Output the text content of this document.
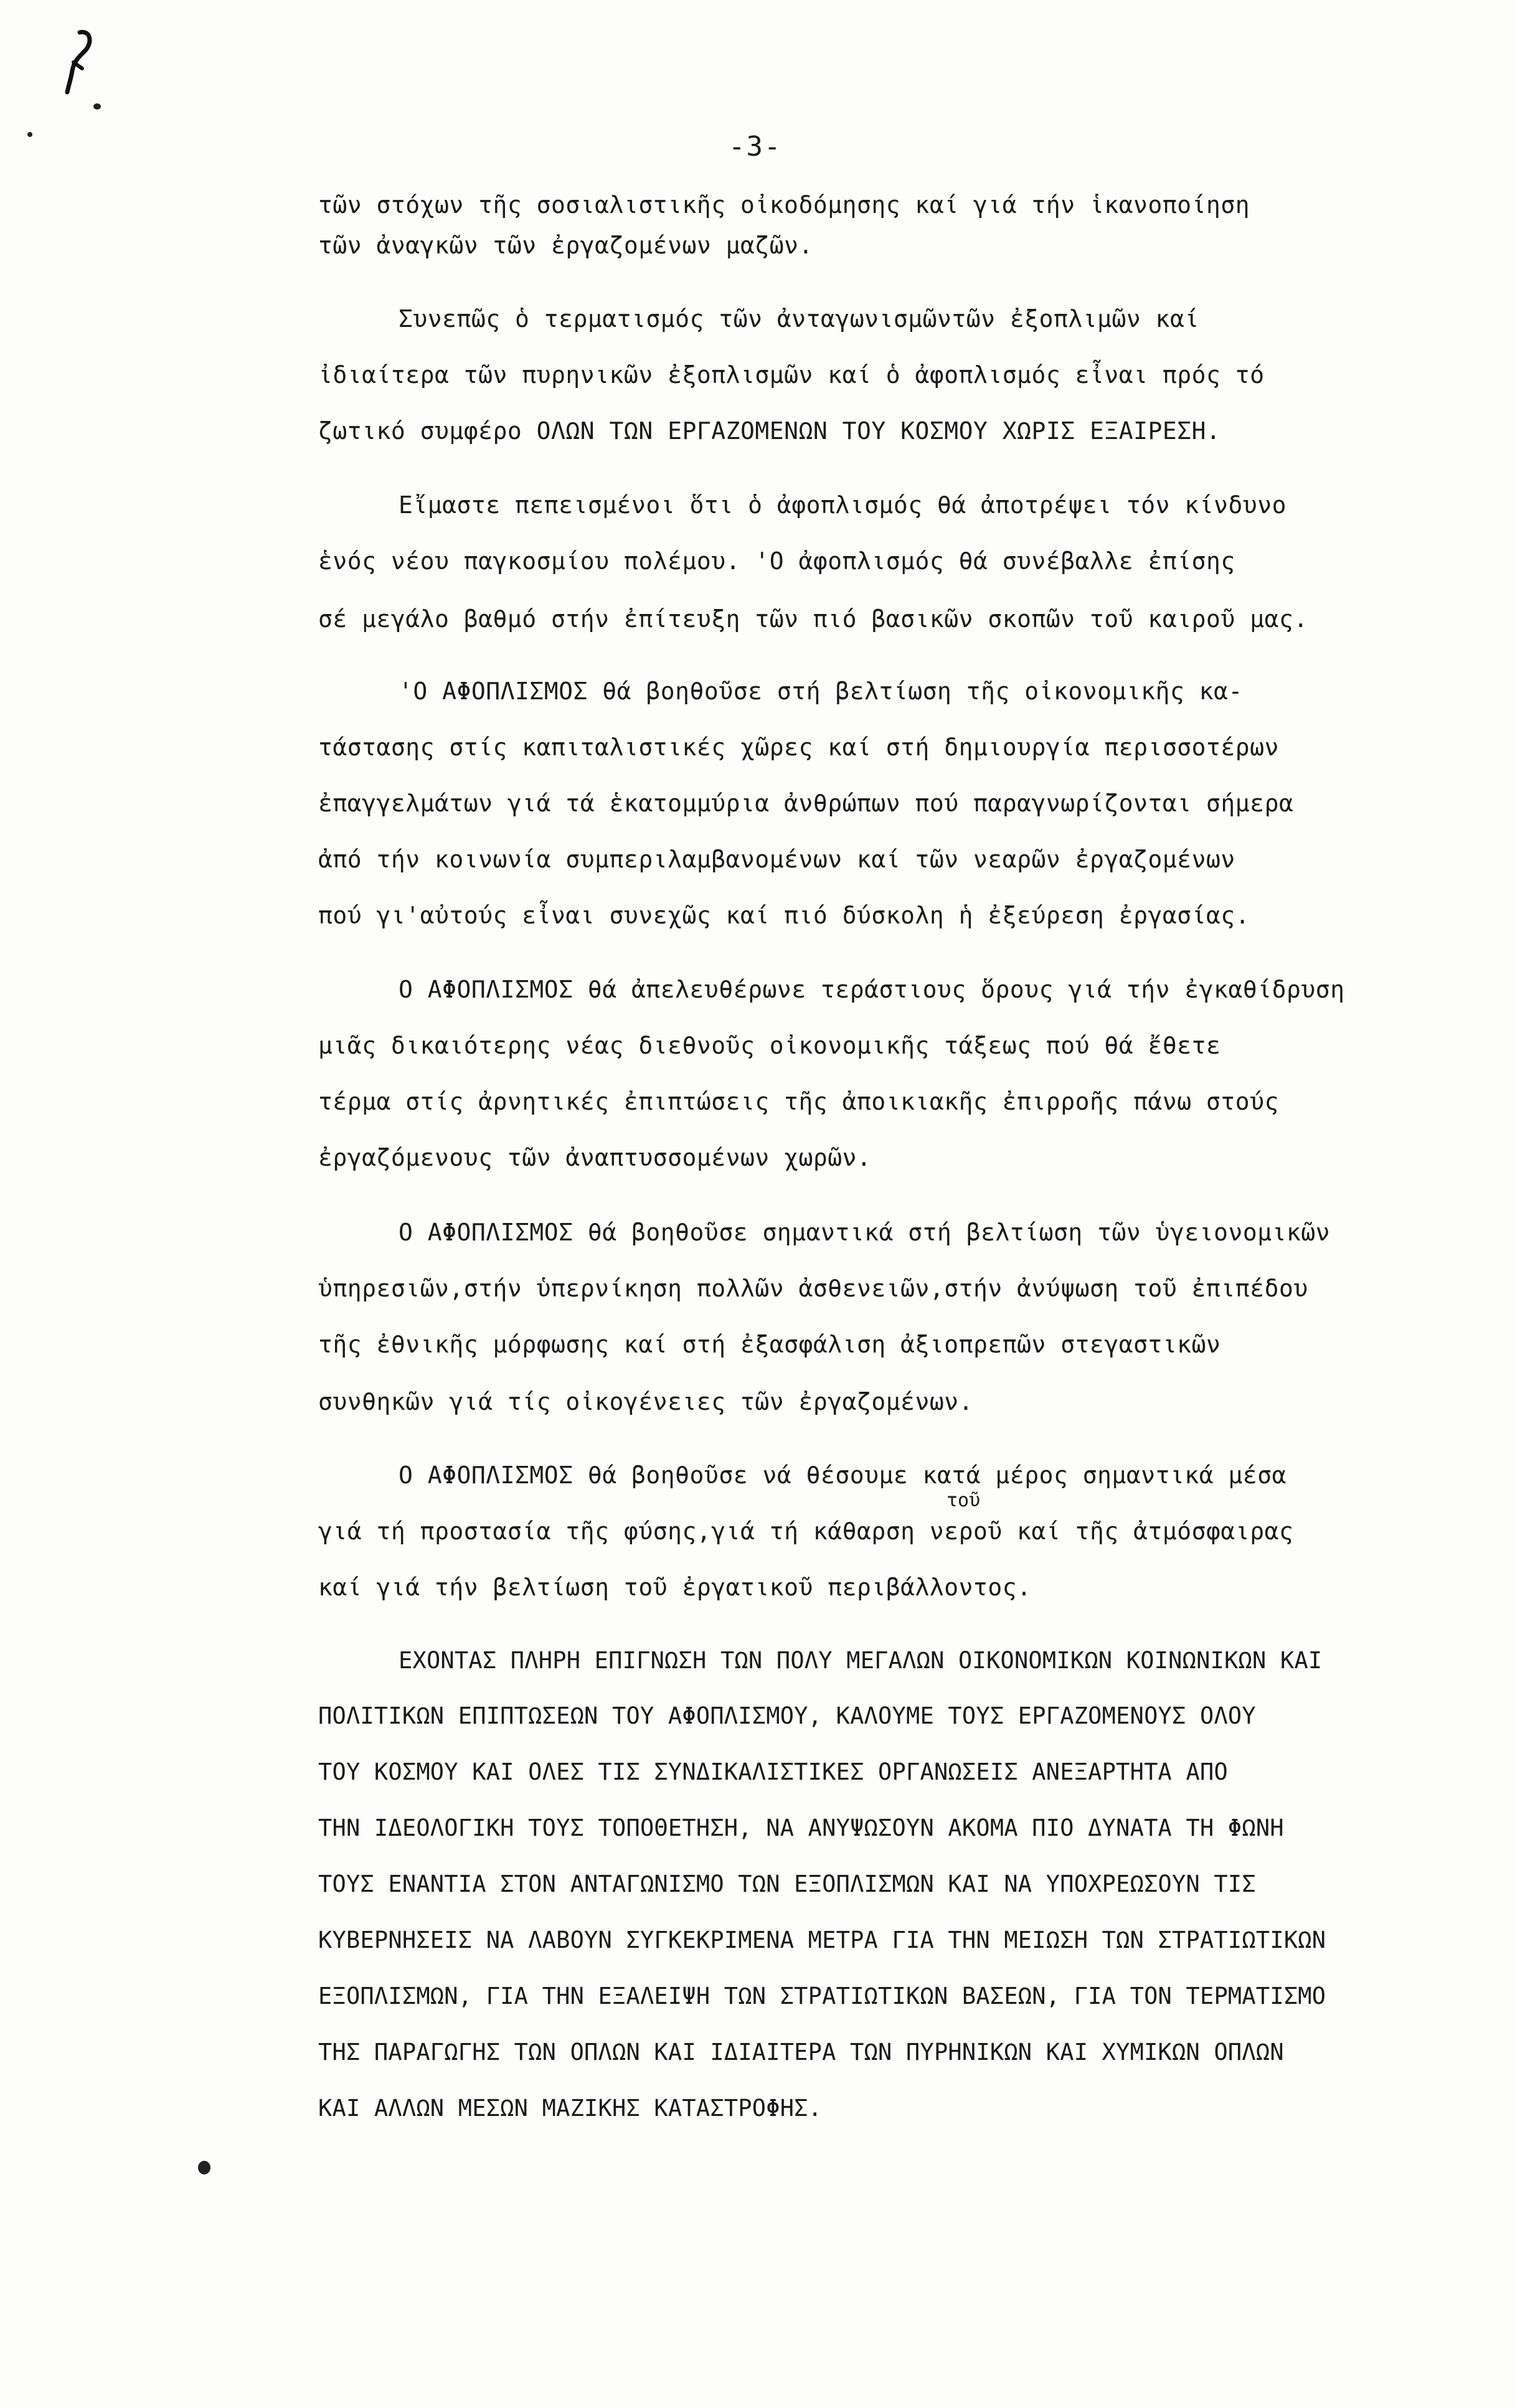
-3-
τῶν στόχων τῆς σοσιαλιστικῆς οἰκοδόμησης καί γιά τήν ἱκανοποίηση
τῶν ἀναγκῶν τῶν ἐργαζομένων μαζῶν.
Συνεπῶς ὁ τερματισμός τῶν ἀνταγωνισμῶντῶν ἐξοπλιμῶν καί
ἰδιαίτερα τῶν πυρηνικῶν ἐξοπλισμῶν καί ὁ ἀφοπλισμός εἶναι πρός τό
ζωτικό συμφέρο ΟΛΩΝ ΤΩΝ ΕΡΓΑΖΟΜΕΝΩΝ ΤΟΥ ΚΟΣΜΟΥ ΧΩΡΙΣ ΕΞΑΙΡΕΣΗ.
Εἴμαστε πεπεισμένοι ὅτι ὁ ἀφοπλισμός θά ἀποτρέψει τόν κίνδυνο
ἑνός νέου παγκοσμίου πολέμου. 'Ο ἀφοπλισμός θά συνέβαλλε ἐπίσης
σέ μεγάλο βαθμό στήν ἐπίτευξη τῶν πιό βασικῶν σκοπῶν τοῦ καιροῦ μας.
'Ο ΑΦΟΠΛΙΣΜΟΣ θά βοηθοῦσε στή βελτίωση τῆς οἰκονομικῆς κα-
τάστασης στίς καπιταλιστικές χῶρες καί στή δημιουργία περισσοτέρων
ἐπαγγελμάτων γιά τά ἑκατομμύρια ἀνθρώπων πού παραγνωρίζονται σήμερα
ἀπό τήν κοινωνία συμπεριλαμβανομένων καί τῶν νεαρῶν ἐργαζομένων
πού γι'αὐτούς εἶναι συνεχῶς καί πιό δύσκολη ἡ ἐξεύρεση ἐργασίας.
Ο ΑΦΟΠΛΙΣΜΟΣ θά ἀπελευθέρωνε τεράστιους ὅρους γιά τήν ἐγκαθίδρυση
μιᾶς δικαιότερης νέας διεθνοῦς οἰκονομικῆς τάξεως πού θά ἔθετε
τέρμα στίς ἀρνητικές ἐπιπτώσεις τῆς ἀποικιακῆς ἐπιρροῆς πάνω στούς
ἐργαζόμενους τῶν ἀναπτυσσομένων χωρῶν.
Ο ΑΦΟΠΛΙΣΜΟΣ θά βοηθοῦσε σημαντικά στή βελτίωση τῶν ὑγειονομικῶν
ὑπηρεσιῶν,στήν ὑπερνίκηση πολλῶν ἀσθενειῶν,στήν ἀνύψωση τοῦ ἐπιπέδου
τῆς ἐθνικῆς μόρφωσης καί στή ἐξασφάλιση ἀξιοπρεπῶν στεγαστικῶν
συνθηκῶν γιά τίς οἰκογένειες τῶν ἐργαζομένων.
Ο ΑΦΟΠΛΙΣΜΟΣ θά βοηθοῦσε νά θέσουμε κατά μέρος σημαντικά μέσα
τοῦ
γιά τή προστασία τῆς φύσης,γιά τή κάθαρση νεροῦ καί τῆς ἀτμόσφαιρας
καί γιά τήν βελτίωση τοῦ ἐργατικοῦ περιβάλλοντος.
ΕΧΟΝΤΑΣ ΠΛΗΡΗ ΕΠΙΓΝΩΣΗ ΤΩΝ ΠΟΛΥ ΜΕΓΑΛΩΝ ΟΙΚΟΝΟΜΙΚΩΝ ΚΟΙΝΩΝΙΚΩΝ ΚΑΙ
ΠΟΛΙΤΙΚΩΝ ΕΠΙΠΤΩΣΕΩΝ ΤΟΥ ΑΦΟΠΛΙΣΜΟΥ, ΚΑΛΟΥΜΕ ΤΟΥΣ ΕΡΓΑΖΟΜΕΝΟΥΣ ΟΛΟΥ
ΤΟΥ ΚΟΣΜΟΥ ΚΑΙ ΟΛΕΣ ΤΙΣ ΣΥΝΔΙΚΑΛΙΣΤΙΚΕΣ ΟΡΓΑΝΩΣΕΙΣ ΑΝΕΞΑΡΤΗΤΑ ΑΠΟ
ΤΗΝ ΙΔΕΟΛΟΓΙΚΗ ΤΟΥΣ ΤΟΠΟΘΕΤΗΣΗ, ΝΑ ΑΝΥΨΩΣΟΥΝ ΑΚΟΜΑ ΠΙΟ ΔΥΝΑΤΑ ΤΗ ΦΩΝΗ
ΤΟΥΣ ΕΝΑΝΤΙΑ ΣΤΟΝ ΑΝΤΑΓΩΝΙΣΜΟ ΤΩΝ ΕΞΟΠΛΙΣΜΩΝ ΚΑΙ ΝΑ ΥΠΟΧΡΕΩΣΟΥΝ ΤΙΣ
ΚΥΒΕΡΝΗΣΕΙΣ ΝΑ ΛΑΒΟΥΝ ΣΥΓΚΕΚΡΙΜΕΝΑ ΜΕΤΡΑ ΓΙΑ ΤΗΝ ΜΕΙΩΣΗ ΤΩΝ ΣΤΡΑΤΙΩΤΙΚΩΝ
ΕΞΟΠΛΙΣΜΩΝ, ΓΙΑ ΤΗΝ ΕΞΑΛΕΙΨΗ ΤΩΝ ΣΤΡΑΤΙΩΤΙΚΩΝ ΒΑΣΕΩΝ, ΓΙΑ ΤΟΝ ΤΕΡΜΑΤΙΣΜΟ
ΤΗΣ ΠΑΡΑΓΩΓΗΣ ΤΩΝ ΟΠΛΩΝ ΚΑΙ ΙΔΙΑΙΤΕΡΑ ΤΩΝ ΠΥΡΗΝΙΚΩΝ ΚΑΙ ΧΥΜΙΚΩΝ ΟΠΛΩΝ
ΚΑΙ ΑΛΛΩΝ ΜΕΣΩΝ ΜΑΖΙΚΗΣ ΚΑΤΑΣΤΡΟΦΗΣ.
